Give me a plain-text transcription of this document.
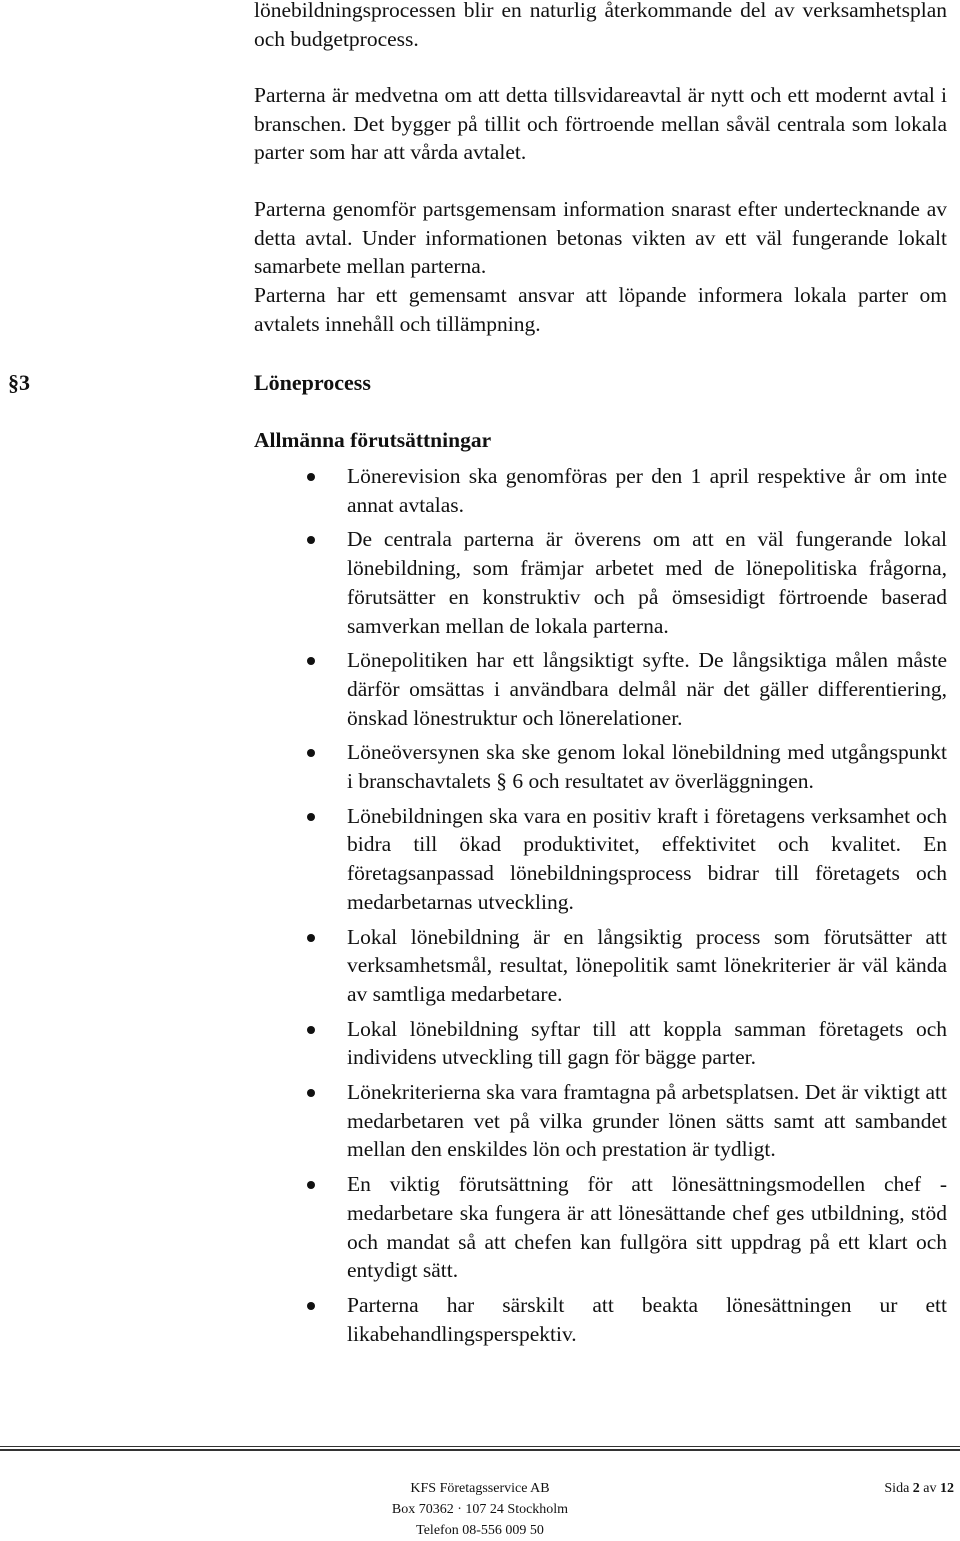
lönebildningsprocessen blir en naturlig återkommande del av verksamhetsplan och budgetprocess.

Parterna är medvetna om att detta tillsvidareavtal är nytt och ett modernt avtal i branschen. Det bygger på tillit och förtroende mellan såväl centrala som lokala parter som har att vårda avtalet.

Parterna genomför partsgemensam information snarast efter undertecknande av detta avtal. Under informationen betonas vikten av ett väl fungerande lokalt samarbete mellan parterna.

Parterna har ett gemensamt ansvar att löpande informera lokala parter om avtalets innehåll och tillämpning.

§3	Löneprocess
Allmänna förutsättningar
Lönerevision ska genomföras per den 1 april respektive år om inte annat avtalas.
De centrala parterna är överens om att en väl fungerande lokal lönebildning, som främjar arbetet med de lönepolitiska frågorna, förutsätter en konstruktiv och på ömsesidigt förtroende baserad samverkan mellan de lokala parterna.
Lönepolitiken har ett långsiktigt syfte. De långsiktiga målen måste därför omsättas i användbara delmål när det gäller differentiering, önskad lönestruktur och lönerelationer.
Löneöversynen ska ske genom lokal lönebildning med utgångspunkt i branschavtalets § 6 och resultatet av överläggningen.
Lönebildningen ska vara en positiv kraft i företagens verksamhet och bidra till ökad produktivitet, effektivitet och kvalitet. En företagsanpassad lönebildningsprocess bidrar till företagets och medarbetarnas utveckling.
Lokal lönebildning är en långsiktig process som förutsätter att verksamhetsmål, resultat, lönepolitik samt lönekriterier är väl kända av samtliga medarbetare.
Lokal lönebildning syftar till att koppla samman företagets och individens utveckling till gagn för bägge parter.
Lönekriterierna ska vara framtagna på arbetsplatsen. Det är viktigt att medarbetaren vet på vilka grunder lönen sätts samt att sambandet mellan den enskildes lön och prestation är tydligt.
En viktig förutsättning för att lönesättningsmodellen chef - medarbetare ska fungera är att lönesättande chef ges utbildning, stöd och mandat så att chefen kan fullgöra sitt uppdrag på ett klart och entydigt sätt.
Parterna har särskilt att beakta lönesättningen ur ett likabehandlingsperspektiv.
KFS Företagsservice AB
Box 70362 · 107 24 Stockholm
Telefon 08-556 009 50
Sida 2 av 12
